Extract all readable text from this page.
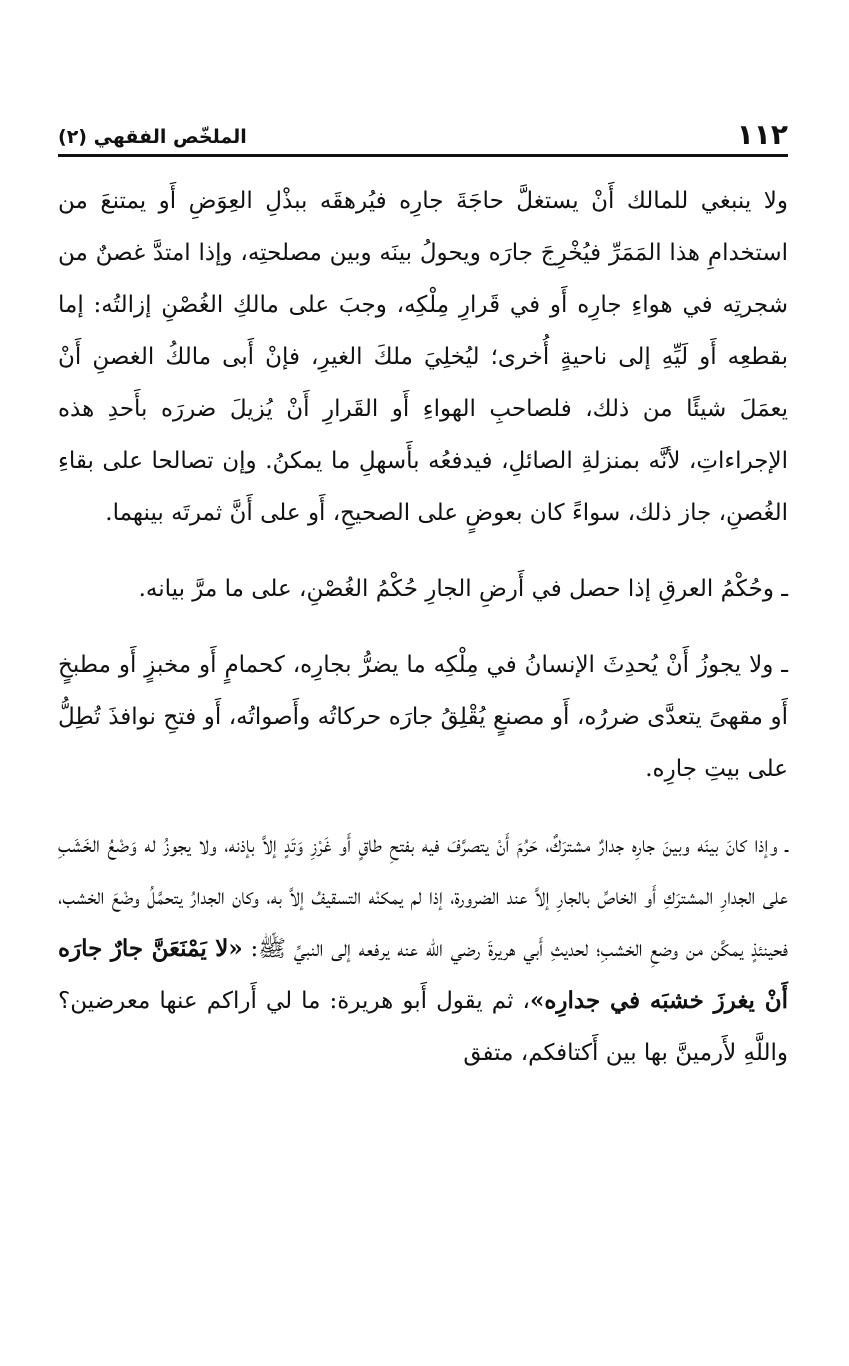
١١٢
الملخّص الفقهي (٢)

ولا ينبغي للمالك أَنْ يستغلَّ حاجَةَ جارِه فيُرهقَه ببذْلِ العِوَضِ أَو يمتنعَ من استخدامِ هذا المَمَرِّ فيُخْرِجَ جارَه ويحولُ بينَه وبين مصلحتِه، وإذا امتدَّ غصنٌ من شجرتِه في هواءِ جارِه أَو في قَرارِ مِلْكِه، وجبَ على مالكِ الغُصْنِ إزالتُه: إما بقطعِه أَو لَيِّهِ إلى ناحيةٍ أُخرى؛ ليُخلِيَ ملكَ الغيرِ، فإنْ أَبى مالكُ الغصنِ أَنْ يعمَلَ شيئًا من ذلك، فلصاحبِ الهواءِ أَو القَرارِ أَنْ يُزيلَ ضررَه بأَحدِ هذه الإجراءاتِ، لأنَّه بمنزلةِ الصائلِ، فيدفعُه بأَسهلِ ما يمكنُ. وإن تصالحا على بقاءِ الغُصنِ، جاز ذلك، سواءً كان بعوضٍ على الصحيحِ، أَو على أَنَّ ثمرتَه بينهما.

ـ وحُكْمُ العرقِ إذا حصل في أَرضِ الجارِ حُكْمُ الغُصْنِ، على ما مرَّ بيانه.

ـ ولا يجوزُ أَنْ يُحدِثَ الإنسانُ في مِلْكِه ما يضرُّ بجارِه، كحمامٍ أَو مخبزٍ أَو مطبخٍ أَو مقهىً يتعدَّى ضررُه، أَو مصنعٍ يُقْلِقُ جارَه حركاتُه وأَصواتُه، أَو فتحِ نوافذَ تُطِلُّ على بيتِ جارِه.

ـ وإذا كانَ بينَه وبينَ جارِه جدارٌ مشترَكٌ، حَرُمَ أَنْ يتصرَّفَ فيه بفتحِ طاقٍ أَو غَرْزِ وَتَدٍ إلاَّ بإذنه، ولا يجوزُ له وَضْعُ الخَشَبِ على الجدارِ المشترَكِ أَو الخاصِّ بالجارِ إلاَّ عند الضرورة، إذا لم يمكنْه التسقيفُ إلاَّ به، وكان الجدارُ يتحمَّلُ وضْعَ الخشب، فحينئذٍ يمكَّن من وضعِ الخشبِ؛ لحديثِ أَبي هريرةَ رضي الله عنه يرفعه إلى النبيِّ ﷺ: «لا يَمْنَعَنَّ جارٌ جارَه أَنْ يغرزَ خشبَه في جدارِه»، ثم يقول أَبو هريرة: ما لي أَراكم عنها معرضين؟ واللَّهِ لأَرمينَّ بها بين أَكتافكم، متفق
